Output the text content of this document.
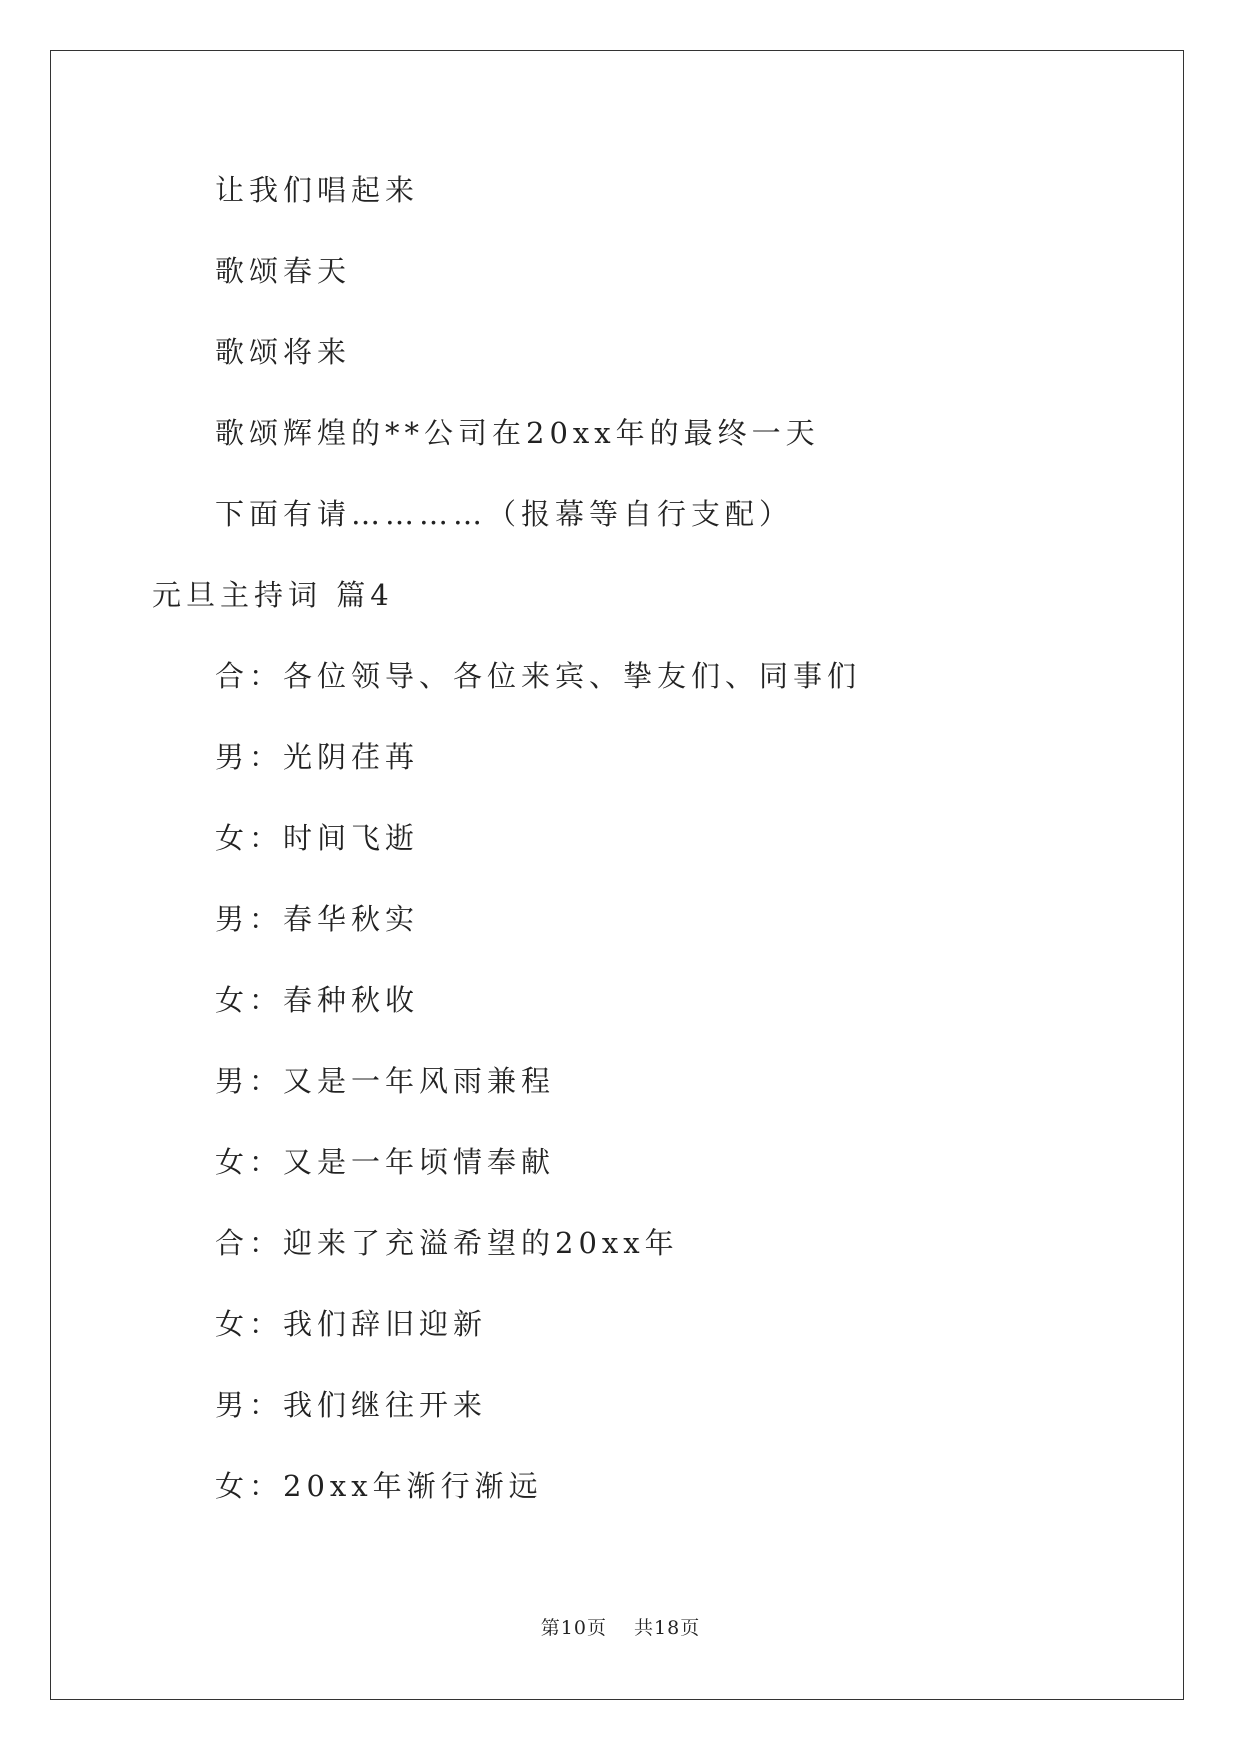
让我们唱起来
歌颂春天
歌颂将来
歌颂辉煌的**公司在20xx年的最终一天
下面有请…………（报幕等自行支配）
元旦主持词 篇4
合：各位领导、各位来宾、挚友们、同事们
男：光阴荏苒
女：时间飞逝
男：春华秋实
女：春种秋收
男：又是一年风雨兼程
女：又是一年顷情奉献
合：迎来了充溢希望的20xx年
女：我们辞旧迎新
男：我们继往开来
女：20xx年渐行渐远
第10页 共18页
